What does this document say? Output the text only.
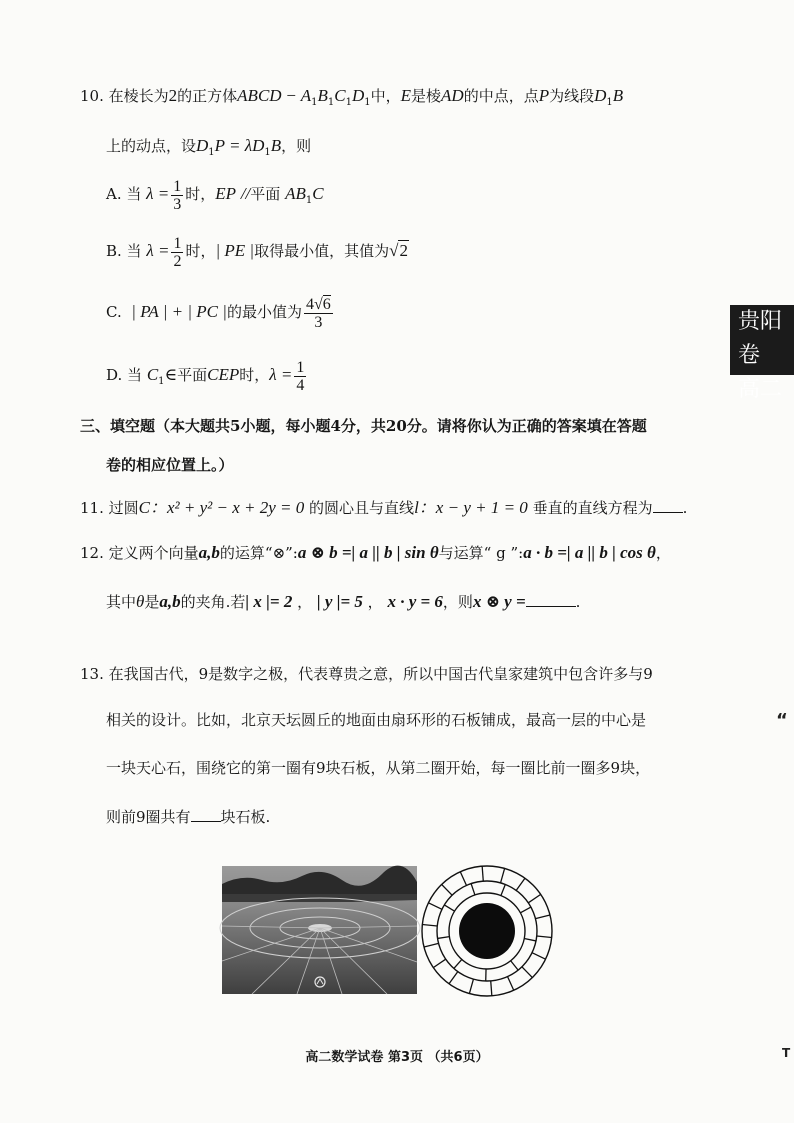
10. 在棱长为2的正方体ABCD − $A_1B_1C_1D_1$中，E是棱AD的中点，点P为线段$D_1B$
上的动点，设$D_1P = \lambda D_1B$，则
A. 当 $\lambda = \frac{1}{3}$ 时，EP //平面 $AB_1C$
B. 当 $\lambda = \frac{1}{2}$ 时，| PE |取得最小值，其值为√2
C. | PA | + | PC |的最小值为 $\frac{4√6}{3}$
D. 当 $C_1\in$平面CEP时，$\lambda = \frac{1}{4}$
三、填空题（本大题共5小题，每小题4分，共20分。请将你认为正确的答案填在答题
卷的相应位置上。）
11. 过圆C：x² + y² − x + 2y = 0 的圆心且与直线l：x − y + 1 = 0 垂直的直线方程为 .
12. 定义两个向量a,b的运算“⊗”:a ⊗ b =| a || b | sin θ与运算“ g ”:a · b =| a || b | cos θ，
其中θ是a,b的夹角.若| x |= 2 ， | y |= 5 ， x · y = 6，则x ⊗ y =	.
13. 在我国古代，9是数字之极，代表尊贵之意，所以中国古代皇家建筑中包含许多与9
相关的设计。比如，北京天坛圆丘的地面由扇环形的石板铺成，最高一层的中心是
一块天心石，围绕它的第一圈有9块石板，从第二圈开始，每一圈比前一圈多9块，
则前9圈共有 块石板.
贵阳卷
高二
“
T
高二数学试卷 第3页 （共6页）
